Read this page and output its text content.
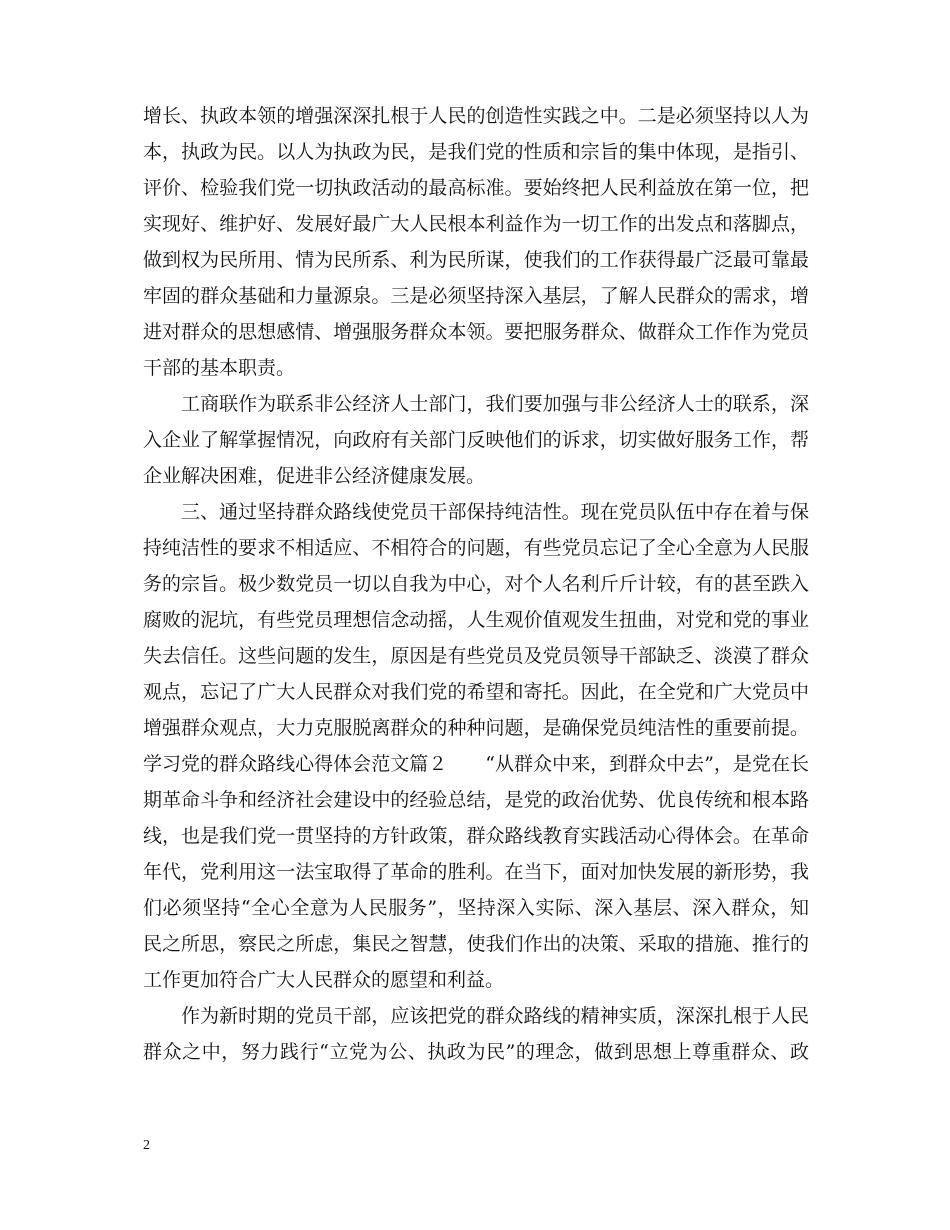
增长、执政本领的增强深深扎根于人民的创造性实践之中。二是必须坚持以人为
本，执政为民。以人为执政为民，是我们党的性质和宗旨的集中体现，是指引、
评价、检验我们党一切执政活动的最高标准。要始终把人民利益放在第一位，把
实现好、维护好、发展好最广大人民根本利益作为一切工作的出发点和落脚点，
做到权为民所用、情为民所系、利为民所谋，使我们的工作获得最广泛最可靠最
牢固的群众基础和力量源泉。三是必须坚持深入基层，了解人民群众的需求，增
进对群众的思想感情、增强服务群众本领。要把服务群众、做群众工作作为党员
干部的基本职责。
　　工商联作为联系非公经济人士部门，我们要加强与非公经济人士的联系，深
入企业了解掌握情况，向政府有关部门反映他们的诉求，切实做好服务工作，帮
企业解决困难，促进非公经济健康发展。
　　三、通过坚持群众路线使党员干部保持纯洁性。现在党员队伍中存在着与保
持纯洁性的要求不相适应、不相符合的问题，有些党员忘记了全心全意为人民服
务的宗旨。极少数党员一切以自我为中心，对个人名利斤斤计较，有的甚至跌入
腐败的泥坑，有些党员理想信念动摇，人生观价值观发生扭曲，对党和党的事业
失去信任。这些问题的发生，原因是有些党员及党员领导干部缺乏、淡漠了群众
观点，忘记了广大人民群众对我们党的希望和寄托。因此，在全党和广大党员中
增强群众观点，大力克服脱离群众的种种问题，是确保党员纯洁性的重要前提。
学习党的群众路线心得体会范文篇２　　“从群众中来，到群众中去”，是党在长
期革命斗争和经济社会建设中的经验总结，是党的政治优势、优良传统和根本路
线，也是我们党一贯坚持的方针政策，群众路线教育实践活动心得体会。在革命
年代，党利用这一法宝取得了革命的胜利。在当下，面对加快发展的新形势，我
们必须坚持“全心全意为人民服务”，坚持深入实际、深入基层、深入群众，知
民之所思，察民之所虑，集民之智慧，使我们作出的决策、采取的措施、推行的
工作更加符合广大人民群众的愿望和利益。
　　作为新时期的党员干部，应该把党的群众路线的精神实质，深深扎根于人民
群众之中，努力践行“立党为公、执政为民”的理念，做到思想上尊重群众、政
2
